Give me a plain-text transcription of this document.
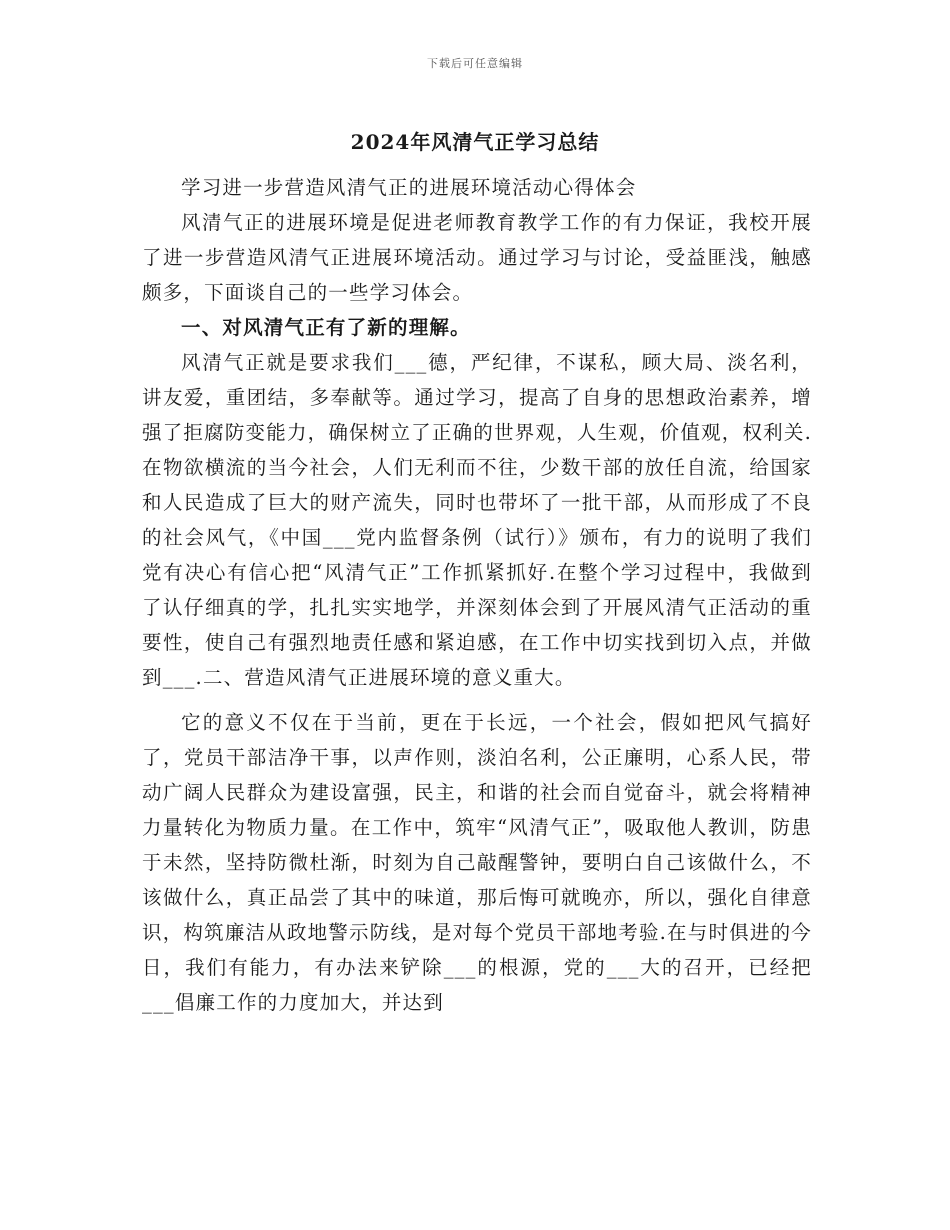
下载后可任意编辑
2024年风清气正学习总结

学习进一步营造风清气正的进展环境活动心得体会

风清气正的进展环境是促进老师教育教学工作的有力保证，我校开展了进一步营造风清气正进展环境活动。通过学习与讨论，受益匪浅，触感颇多，下面谈自己的一些学习体会。

一、对风清气正有了新的理解。

风清气正就是要求我们___德，严纪律，不谋私，顾大局、淡名利，讲友爱，重团结，多奉献等。通过学习，提高了自身的思想政治素养，增强了拒腐防变能力，确保树立了正确的世界观，人生观，价值观，权利关.在物欲横流的当今社会，人们无利而不往，少数干部的放任自流，给国家和人民造成了巨大的财产流失，同时也带坏了一批干部，从而形成了不良的社会风气，《中国___党内监督条例（试行）》颁布，有力的说明了我们党有决心有信心把“风清气正”工作抓紧抓好.在整个学习过程中，我做到了认仔细真的学，扎扎实实地学，并深刻体会到了开展风清气正活动的重要性，使自己有强烈地责任感和紧迫感，在工作中切实找到切入点，并做到___.二、营造风清气正进展环境的意义重大。

它的意义不仅在于当前，更在于长远，一个社会，假如把风气搞好了，党员干部洁净干事，以声作则，淡泊名利，公正廉明，心系人民，带动广阔人民群众为建设富强，民主，和谐的社会而自觉奋斗，就会将精神力量转化为物质力量。在工作中，筑牢“风清气正”，吸取他人教训，防患于未然，坚持防微杜渐，时刻为自己敲醒警钟，要明白自己该做什么，不该做什么，真正品尝了其中的味道，那后悔可就晚亦，所以，强化自律意识，构筑廉洁从政地警示防线，是对每个党员干部地考验.在与时俱进的今日，我们有能力，有办法来铲除___的根源，党的___大的召开，已经把___倡廉工作的力度加大，并达到
